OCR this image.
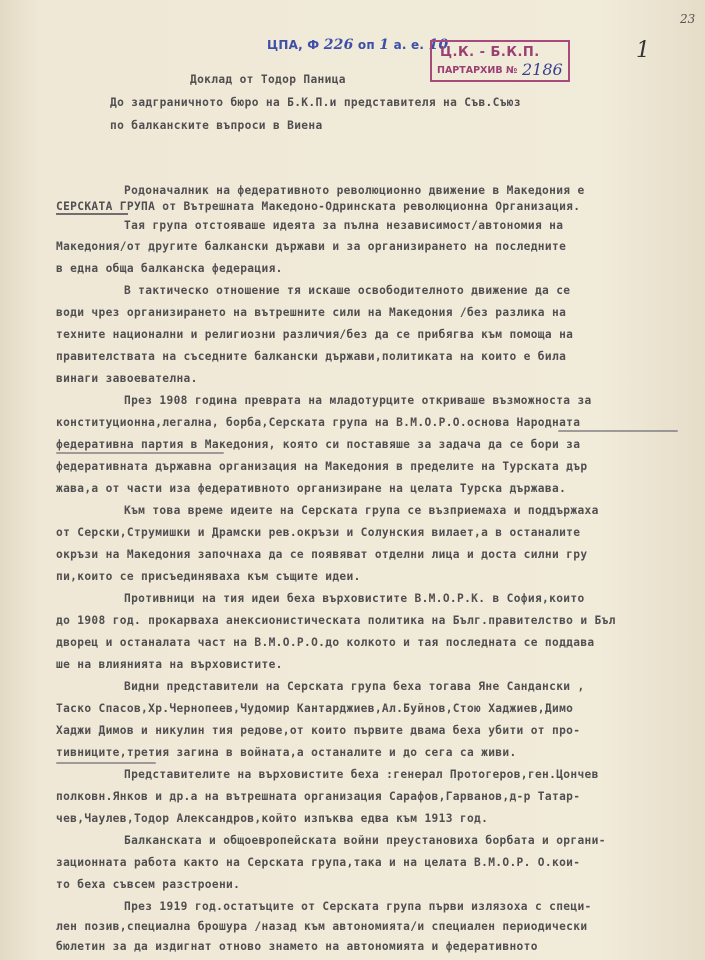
23
1
ЦПА, Ф 226 оп 1 а. е. 10
Ц.К. - Б.К.П.
ПАРТАРХИВ № 2186
Доклад от Тодор Паница
До задграничното бюро на Б.К.П.и представителя на Съв.Съюз
по балканските въпроси в Виена
Родоначалник на федеративното революционно движение в Македония е
СЕРСКАТА ГРУПА от Вътрешната Македоно-Одринската революционна Организация.
Тая група отстояваше идеята за пълна независимост/автономия на
Македония/от другите балкански държави и за организирането на последните
в една обща балканска федерация.
В тактическо отношение тя искаше освободителното движение да се
води чрез организирането на вътрешните сили на Македония /без разлика на
техните национални и религиозни различия/без да се прибягва към помоща на
правителствата на съседните балкански държави,политиката на които е била
винаги завоевателна.
През 1908 година преврата на младотурците откриваше възможноста за
конституционна,легална, борба,Серската група на В.М.О.Р.О.основа Народната
федеративна партия в Македония, която си поставяше за задача да се бори за
федеративната държавна организация на Македония в пределите на Турската дър
жава,а от части иза федеративното организиране на целата Турска държава.
Към това време идеите на Серската група се възприемаха и поддържаха
от Серски,Струмишки и Драмски рев.окръзи и Солунския вилает,а в останалите
окръзи на Македония започнаха да се появяват отделни лица и доста силни гру
пи,които се присъединяваха към същите идеи.
Противници на тия идеи беха върховистите В.М.О.Р.К. в София,които
до 1908 год. прокарваха анексионистическата политика на Бълг.правителство и Бъл
дворец и останалата част на В.М.О.Р.О.до колкото и тая последната се поддава
ше на влиянията на върховистите.
Видни представители на Серската група беха тогава Яне Сандански ,
Таско Спасов,Хр.Чернопеев,Чудомир Кантарджиев,Ал.Буйнов,Стою Хаджиев,Димо
Хаджи Димов и никулин тия редове,от които първите двама беха убити от про-
тивниците,третия загина в войната,а останалите и до сега са живи.
Представителите на върховистите беха :генерал Протогеров,ген.Цончев
полковн.Янков и др.а на вътрешната организация Сарафов,Гарванов,д-р Татар-
чев,Чаулев,Тодор Александров,който изпъква едва към 1913 год.
Балканската и общоевропейската войни преустановиха борбата и органи-
зационната работа както на Серската група,така и на целата В.М.О.Р. О.кои-
то беха съвсем разстроени.
През 1919 год.остатъците от Серската група първи излязоха с специ-
лен позив,специална брошура /назад към автономията/и специален периодически
бюлетин за да издигнат отново знамето на автономията и федеративното
